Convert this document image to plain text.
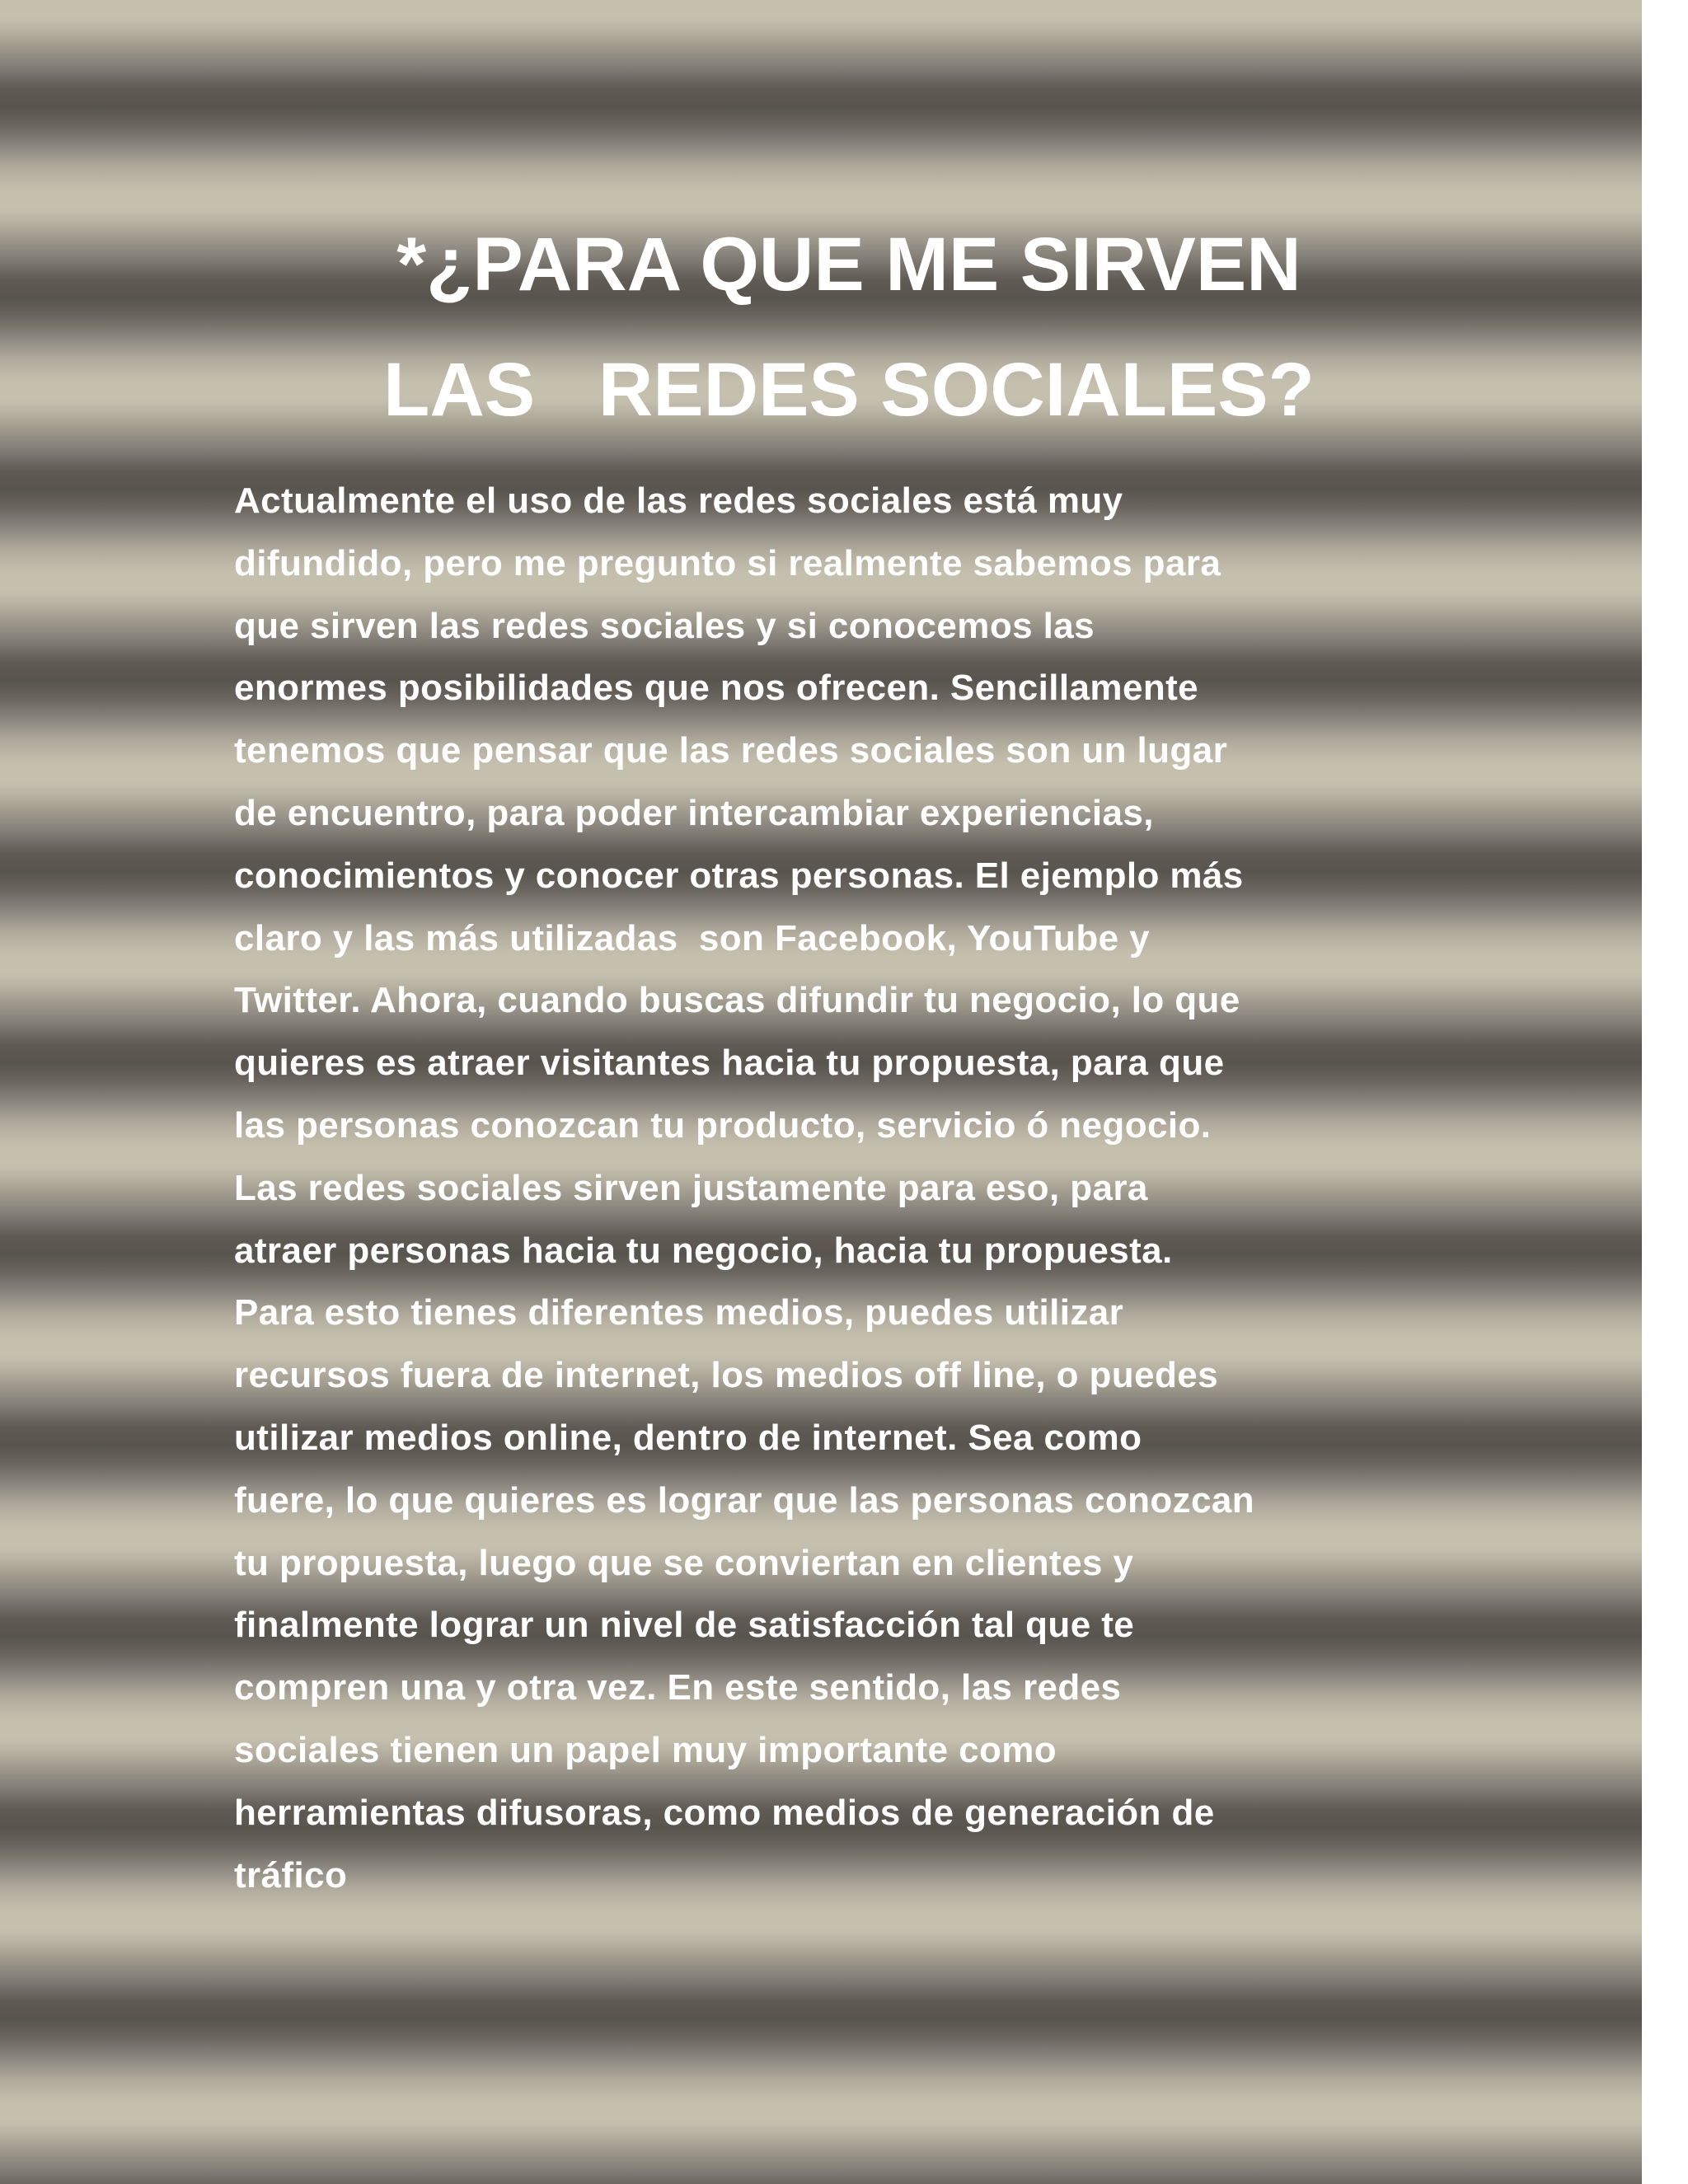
*¿PARA QUE ME SIRVEN
LAS   REDES SOCIALES?

Actualmente el uso de las redes sociales está muy
difundido, pero me pregunto si realmente sabemos para
que sirven las redes sociales y si conocemos las
enormes posibilidades que nos ofrecen. Sencillamente
tenemos que pensar que las redes sociales son un lugar
de encuentro, para poder intercambiar experiencias,
conocimientos y conocer otras personas. El ejemplo más
claro y las más utilizadas  son Facebook, YouTube y
Twitter. Ahora, cuando buscas difundir tu negocio, lo que
quieres es atraer visitantes hacia tu propuesta, para que
las personas conozcan tu producto, servicio ó negocio.
Las redes sociales sirven justamente para eso, para
atraer personas hacia tu negocio, hacia tu propuesta.
Para esto tienes diferentes medios, puedes utilizar
recursos fuera de internet, los medios off line, o puedes
utilizar medios online, dentro de internet. Sea como
fuere, lo que quieres es lograr que las personas conozcan
tu propuesta, luego que se conviertan en clientes y
finalmente lograr un nivel de satisfacción tal que te
compren una y otra vez. En este sentido, las redes
sociales tienen un papel muy importante como
herramientas difusoras, como medios de generación de
tráfico
